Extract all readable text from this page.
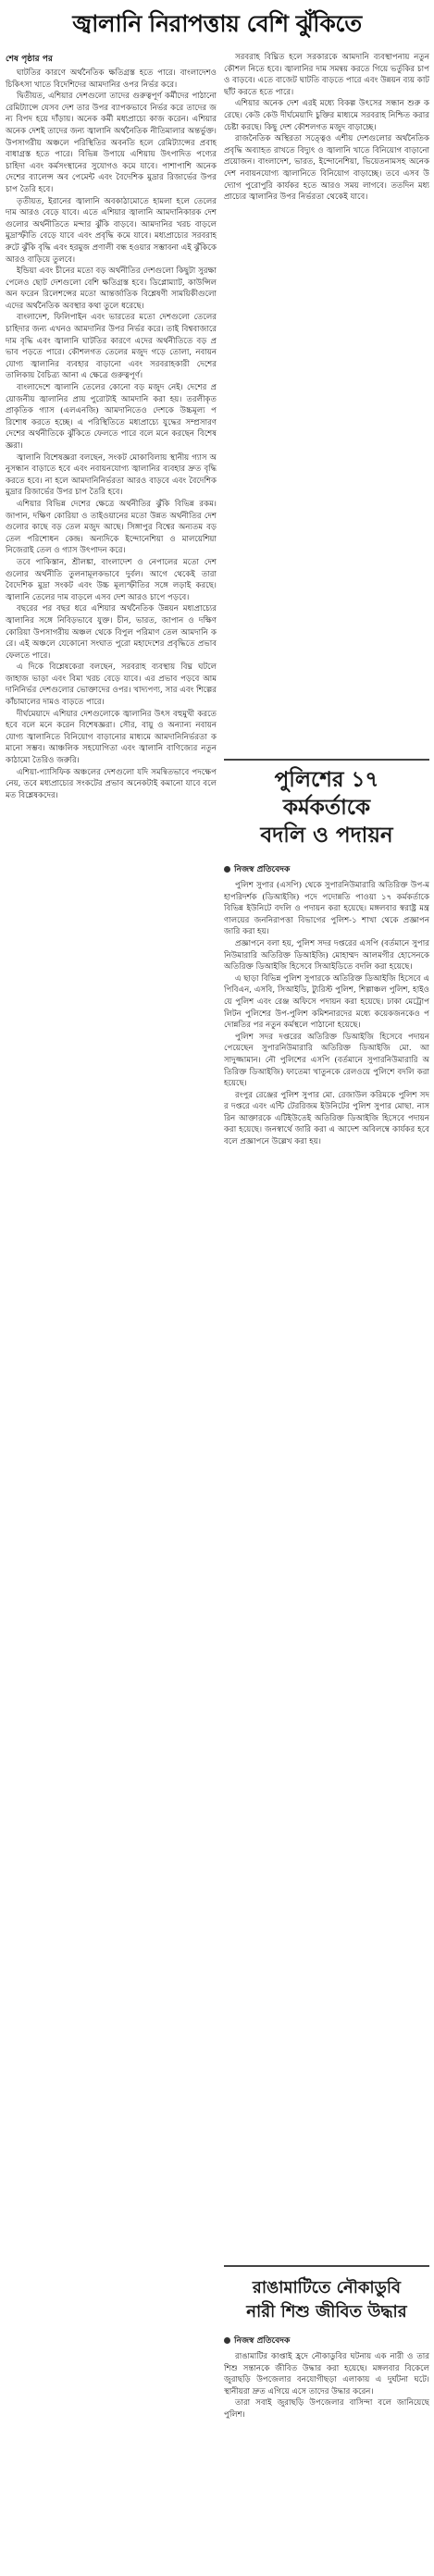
জ্বালানি নিরাপত্তায় বেশি ঝুঁকিতে
শেষ পৃষ্ঠার পর

ঘাটতির কারণে অর্থনৈতিক ক্ষতিগ্রস্ত হতে পারে। বাংলাদেশও চিকিৎসা খাতে বিদেশিদের আমদানির ওপর নির্ভর করে।

দ্বিতীয়ত, এশিয়ার দেশগুলো তাদের গুরুত্বপূর্ণ কর্মীদের পাঠানো রেমিট্যান্সে যেসব দেশ তার উপর ব্যাপকভাবে নির্ভর করে তাদের জন্য বিপদ হয়ে দাঁড়ায়। অনেক কর্মী মধ্যপ্রাচ্যে কাজ করেন। এশিয়ার অনেক দেশই তাদের জন্য জ্বালানি অর্থনৈতিক নীতিমালার অন্তর্ভুক্ত। উপসাগরীয় অঞ্চলে পরিস্থিতির অবনতি হলে রেমিট্যান্সের প্রবাহ বাধাগ্রস্ত হতে পারে। বিভিন্ন উপায়ে এশিয়ায় উৎপাদিত পণ্যের চাহিদা এবং কর্মসংস্থানের সুযোগও কমে যাবে। পাশাপাশি অনেক দেশের ব্যালেন্স অব পেমেন্ট এবং বৈদেশিক মুদ্রার রিজার্ভের উপর চাপ তৈরি হবে।

তৃতীয়ত, ইরানের জ্বালানি অবকাঠামোতে হামলা হলে তেলের দাম আরও বেড়ে যাবে। এতে এশিয়ার জ্বালানি আমদানিকারক দেশগুলোর অর্থনীতিতে মন্দার ঝুঁকি বাড়বে। আমদানির খরচ বাড়লে মুদ্রাস্ফীতি বেড়ে যাবে এবং প্রবৃদ্ধি কমে যাবে। মধ্যপ্রাচ্যের সরবরাহ রুটে ঝুঁকি বৃদ্ধি এবং হরমুজ প্রণালী বন্ধ হওয়ার সম্ভাবনা এই ঝুঁকিকে আরও বাড়িয়ে তুলবে।

ইন্ডিয়া এবং চীনের মতো বড় অর্থনীতির দেশগুলো কিছুটা সুরক্ষা পেলেও ছোট দেশগুলো বেশি ক্ষতিগ্রস্ত হবে। ডিপ্লোম্যাট, কাউন্সিল অন ফরেন রিলেশন্সের মতো আন্তর্জাতিক বিশ্লেষণী সাময়িকীগুলো এদের অর্থনৈতিক অবস্থার কথা তুলে ধরেছে।

বাংলাদেশ, ফিলিপাইন এবং ভারতের মতো দেশগুলো তেলের চাহিদার জন্য এখনও আমদানির উপর নির্ভর করে। তাই বিশ্ববাজারে দাম বৃদ্ধি এবং জ্বালানি ঘাটতির কারণে এদের অর্থনীতিতে বড় প্রভাব পড়তে পারে। কৌশলগত তেলের মজুদ গড়ে তোলা, নবায়নযোগ্য জ্বালানির ব্যবহার বাড়ানো এবং সরবরাহকারী দেশের তালিকায় বৈচিত্র্য আনা এ ক্ষেত্রে গুরুত্বপূর্ণ।

বাংলাদেশে জ্বালানি তেলের কোনো বড় মজুদ নেই। দেশের প্রয়োজনীয় জ্বালানির প্রায় পুরোটাই আমদানি করা হয়। তরলীকৃত প্রাকৃতিক গ্যাস (এলএনজি) আমদানিতেও দেশকে উচ্চমূল্য পরিশোধ করতে হচ্ছে। এ পরিস্থিতিতে মধ্যপ্রাচ্যে যুদ্ধের সম্প্রসারণ দেশের অর্থনীতিকে ঝুঁকিতে ফেলতে পারে বলে মনে করছেন বিশেষজ্ঞরা।

জ্বালানি বিশেষজ্ঞরা বলছেন, সংকট মোকাবিলায় স্থানীয় গ্যাস অনুসন্ধান বাড়াতে হবে এবং নবায়নযোগ্য জ্বালানির ব্যবহার দ্রুত বৃদ্ধি করতে হবে। না হলে আমদানিনির্ভরতা আরও বাড়বে এবং বৈদেশিক মুদ্রার রিজার্ভের উপর চাপ তৈরি হবে।

এশিয়ার বিভিন্ন দেশের ক্ষেত্রে অর্থনীতির ঝুঁকি বিভিন্ন রকম। জাপান, দক্ষিণ কোরিয়া ও তাইওয়ানের মতো উন্নত অর্থনীতির দেশগুলোর কাছে বড় তেল মজুদ আছে। সিঙ্গাপুর বিশ্বের অন্যতম বড় তেল পরিশোধন কেন্দ্র। অন্যদিকে ইন্দোনেশিয়া ও মালয়েশিয়া নিজেরাই তেল ও গ্যাস উৎপাদন করে।

তবে পাকিস্তান, শ্রীলঙ্কা, বাংলাদেশ ও নেপালের মতো দেশগুলোর অর্থনীতি তুলনামূলকভাবে দুর্বল। আগে থেকেই তারা বৈদেশিক মুদ্রা সংকট এবং উচ্চ মূল্যস্ফীতির সঙ্গে লড়াই করছে। জ্বালানি তেলের দাম বাড়লে এসব দেশ আরও চাপে পড়বে।

বছরের পর বছর ধরে এশিয়ার অর্থনৈতিক উন্নয়ন মধ্যপ্রাচ্যের জ্বালানির সঙ্গে নিবিড়ভাবে যুক্ত। চীন, ভারত, জাপান ও দক্ষিণ কোরিয়া উপসাগরীয় অঞ্চল থেকে বিপুল পরিমাণ তেল আমদানি করে। এই অঞ্চলে যেকোনো সংঘাত পুরো মহাদেশের প্রবৃদ্ধিতে প্রভাব ফেলতে পারে।

এ দিকে বিশ্লেষকেরা বলছেন, সরবরাহ ব্যবস্থায় বিঘ্ন ঘটলে জাহাজ ভাড়া এবং বিমা খরচ বেড়ে যাবে। এর প্রভাব পড়বে আমদানিনির্ভর দেশগুলোর ভোক্তাদের ওপর। খাদ্যপণ্য, সার এবং শিল্পের কাঁচামালের দামও বাড়তে পারে।

দীর্ঘমেয়াদে এশিয়ার দেশগুলোকে জ্বালানির উৎস বহুমুখী করতে হবে বলে মনে করেন বিশেষজ্ঞরা। সৌর, বায়ু ও অন্যান্য নবায়নযোগ্য জ্বালানিতে বিনিয়োগ বাড়ানোর মাধ্যমে আমদানিনির্ভরতা কমানো সম্ভব। আঞ্চলিক সহযোগিতা এবং জ্বালানি বাণিজ্যের নতুন কাঠামো তৈরিও জরুরি।

এশিয়া-প্যাসিফিক অঞ্চলের দেশগুলো যদি সমন্বিতভাবে পদক্ষেপ নেয়, তবে মধ্যপ্রাচ্যের সংকটের প্রভাব অনেকটাই কমানো যাবে বলে মত বিশ্লেষকদের।

সরবরাহ বিঘ্নিত হলে সরকারকে আমদানি ব্যবস্থাপনায় নতুন কৌশল নিতে হবে। জ্বালানির দাম সমন্বয় করতে গিয়ে ভর্তুকির চাপও বাড়বে। এতে বাজেট ঘাটতি বাড়তে পারে এবং উন্নয়ন ব্যয় কাটছাঁট করতে হতে পারে।

এশিয়ার অনেক দেশ এরই মধ্যে বিকল্প উৎসের সন্ধান শুরু করেছে। কেউ কেউ দীর্ঘমেয়াদি চুক্তির মাধ্যমে সরবরাহ নিশ্চিত করার চেষ্টা করছে। কিছু দেশ কৌশলগত মজুদ বাড়াচ্ছে।

রাজনৈতিক অস্থিরতা সত্ত্বেও এশীয় দেশগুলোর অর্থনৈতিক প্রবৃদ্ধি অব্যাহত রাখতে বিদ্যুৎ ও জ্বালানি খাতে বিনিয়োগ বাড়ানো প্রয়োজন। বাংলাদেশ, ভারত, ইন্দোনেশিয়া, ভিয়েতনামসহ অনেক দেশ নবায়নযোগ্য জ্বালানিতে বিনিয়োগ বাড়াচ্ছে। তবে এসব উদ্যোগ পুরোপুরি কার্যকর হতে আরও সময় লাগবে। ততদিন মধ্যপ্রাচ্যের জ্বালানির উপর নির্ভরতা থেকেই যাবে।

পুলিশের ১৭
কর্মকর্তাকে
বদলি ও পদায়ন
নিজস্ব প্রতিবেদক

পুলিশ সুপার (এসপি) থেকে সুপারনিউমারারি অতিরিক্ত উপ-মহাপরিদর্শক (ডিআইজি) পদে পদোন্নতি পাওয়া ১৭ কর্মকর্তাকে বিভিন্ন ইউনিটে বদলি ও পদায়ন করা হয়েছে। মঙ্গলবার স্বরাষ্ট্র মন্ত্রণালয়ের জননিরাপত্তা বিভাগের পুলিশ-১ শাখা থেকে প্রজ্ঞাপন জারি করা হয়।

প্রজ্ঞাপনে বলা হয়, পুলিশ সদর দপ্তরের এসপি (বর্তমানে সুপারনিউমারারি অতিরিক্ত ডিআইজি) মোহাম্মদ আলমগীর হোসেনকে অতিরিক্ত ডিআইজি হিসেবে সিআইডিতে বদলি করা হয়েছে।

এ ছাড়া বিভিন্ন পুলিশ সুপারকে অতিরিক্ত ডিআইজি হিসেবে এপিবিএন, এসবি, সিআইডি, ট্যুরিস্ট পুলিশ, শিল্পাঞ্চল পুলিশ, হাইওয়ে পুলিশ এবং রেঞ্জ অফিসে পদায়ন করা হয়েছে। ঢাকা মেট্রোপলিটন পুলিশের উপ-পুলিশ কমিশনারদের মধ্যে কয়েকজনকেও পদোন্নতির পর নতুন কর্মস্থলে পাঠানো হয়েছে।

পুলিশ সদর দপ্তরের অতিরিক্ত ডিআইজি হিসেবে পদায়ন পেয়েছেন সুপারনিউমারারি অতিরিক্ত ডিআইজি মো. আসাদুজ্জামান। নৌ পুলিশের এসপি (বর্তমানে সুপারনিউমারারি অতিরিক্ত ডিআইজি) ফাতেমা খাতুনকে রেলওয়ে পুলিশে বদলি করা হয়েছে।

রংপুর রেঞ্জের পুলিশ সুপার মো. রেজাউল করিমকে পুলিশ সদর দপ্তরে এবং এন্টি টেররিজম ইউনিটের পুলিশ সুপার মোছা. নাসরিন আক্তারকে এটিইউতেই অতিরিক্ত ডিআইজি হিসেবে পদায়ন করা হয়েছে। জনস্বার্থে জারি করা এ আদেশ অবিলম্বে কার্যকর হবে বলে প্রজ্ঞাপনে উল্লেখ করা হয়।

রাঙামাটিতে নৌকাডুবি
নারী শিশু জীবিত উদ্ধার
নিজস্ব প্রতিবেদক

রাঙামাটির কাপ্তাই হ্রদে নৌকাডুবির ঘটনায় এক নারী ও তার শিশু সন্তানকে জীবিত উদ্ধার করা হয়েছে। মঙ্গলবার বিকেলে জুরাছড়ি উপজেলার বনযোগীছড়া এলাকায় এ দুর্ঘটনা ঘটে। স্থানীয়রা দ্রুত এগিয়ে এসে তাদের উদ্ধার করেন।

তারা সবাই জুরাছড়ি উপজেলার বাসিন্দা বলে জানিয়েছে পুলিশ।
